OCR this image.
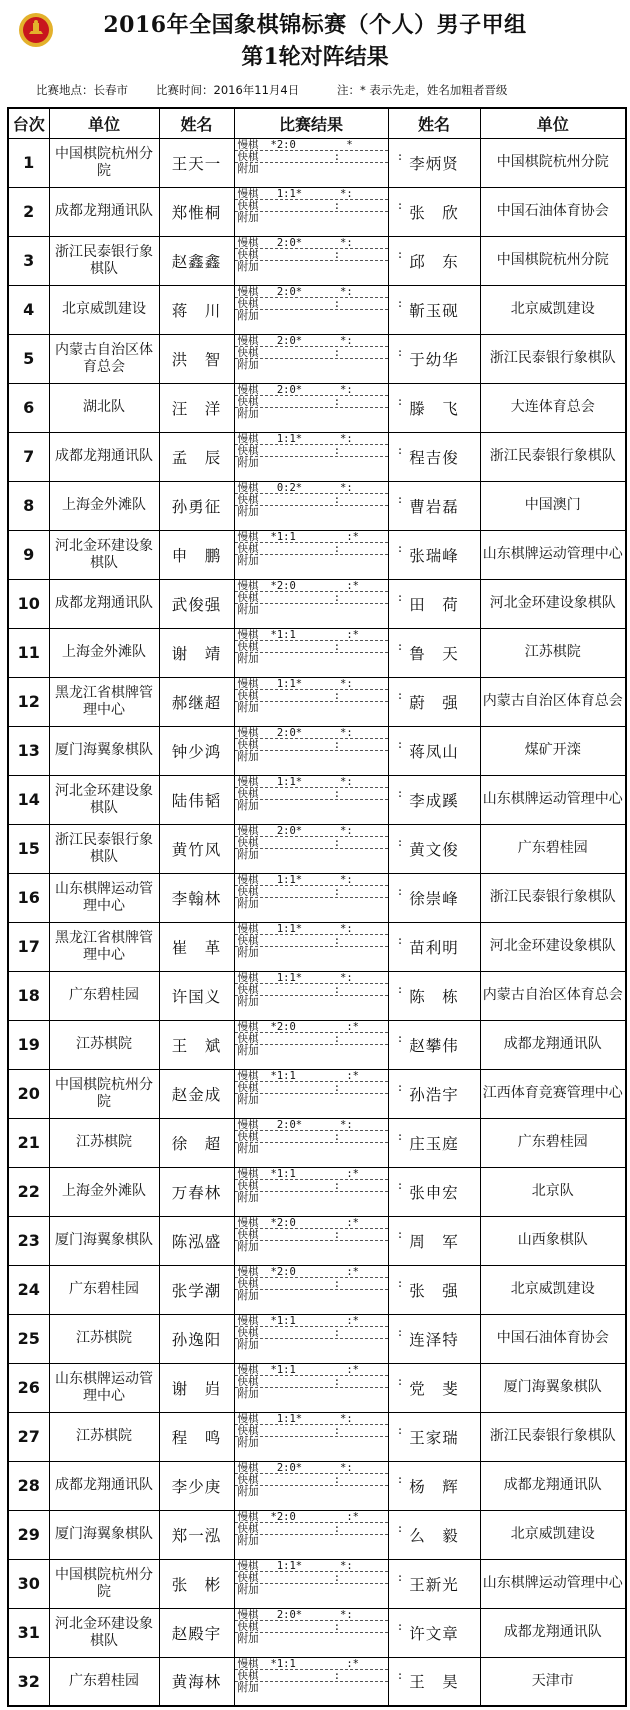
2016年全国象棋锦标赛（个人）男子甲组
第1轮对阵结果
比赛地点：长春市 比赛时间：2016年11月4日	注：* 表示先走，姓名加粗者晋级
台次	单位	姓名	比赛结果	姓名	单位
1	中国棋院杭州分院	王天一	慢棋 *2:0        *
快棋 :         :
附加	李炳贤	中国棋院杭州分院
2	成都龙翔通讯队	郑惟桐	慢棋 1:1*      *:
快棋 :         :
附加	张　欣	中国石油体育协会
3	浙江民泰银行象棋队	赵鑫鑫	慢棋 2:0*      *:
快棋 :         :
附加	邱　东	中国棋院杭州分院
4	北京威凯建设	蒋　川	慢棋 2:0*      *:
快棋 :         :
附加	靳玉砚	北京威凯建设
5	内蒙古自治区体育总会	洪　智	慢棋 2:0*      *:
快棋 :         :
附加	于幼华	浙江民泰银行象棋队
6	湖北队	汪　洋	慢棋 2:0*      *:
快棋 :         :
附加	滕　飞	大连体育总会
7	成都龙翔通讯队	孟　辰	慢棋 1:1*      *:
快棋 :         :
附加	程吉俊	浙江民泰银行象棋队
8	上海金外滩队	孙勇征	慢棋 0:2*      *:
快棋 :         :
附加	曹岩磊	中国澳门
9	河北金环建设象棋队	申　鹏	慢棋 *1:1        :*
快棋 :         :
附加	张瑞峰	山东棋牌运动管理中心
10	成都龙翔通讯队	武俊强	慢棋 *2:0        :*
快棋 :         :
附加	田　荷	河北金环建设象棋队
11	上海金外滩队	谢　靖	慢棋 *1:1        :*
快棋 :         :
附加	鲁　天	江苏棋院
12	黑龙江省棋牌管理中心	郝继超	慢棋 1:1*      *:
快棋 :         :
附加	蔚　强	内蒙古自治区体育总会
13	厦门海翼象棋队	钟少鸿	慢棋 2:0*      *:
快棋 :         :
附加	蒋凤山	煤矿开滦
14	河北金环建设象棋队	陆伟韬	慢棋 1:1*      *:
快棋 :         :
附加	李成蹊	山东棋牌运动管理中心
15	浙江民泰银行象棋队	黄竹风	慢棋 2:0*      *:
快棋 :         :
附加	黄文俊	广东碧桂园
16	山东棋牌运动管理中心	李翰林	慢棋 1:1*      *:
快棋 :         :
附加	徐崇峰	浙江民泰银行象棋队
17	黑龙江省棋牌管理中心	崔　革	慢棋 1:1*      *:
快棋 :         :
附加	苗利明	河北金环建设象棋队
18	广东碧桂园	许国义	慢棋 1:1*      *:
快棋 :         :
附加	陈　栋	内蒙古自治区体育总会
19	江苏棋院	王　斌	慢棋 *2:0        :*
快棋 :         :
附加	赵攀伟	成都龙翔通讯队
20	中国棋院杭州分院	赵金成	慢棋 *1:1        :*
快棋 :         :
附加	孙浩宇	江西体育竞赛管理中心
21	江苏棋院	徐　超	慢棋 2:0*      *:
快棋 :         :
附加	庄玉庭	广东碧桂园
22	上海金外滩队	万春林	慢棋 *1:1        :*
快棋 :         :
附加	张申宏	北京队
23	厦门海翼象棋队	陈泓盛	慢棋 *2:0        :*
快棋 :         :
附加	周　军	山西象棋队
24	广东碧桂园	张学潮	慢棋 *2:0        :*
快棋 :         :
附加	张　强	北京威凯建设
25	江苏棋院	孙逸阳	慢棋 *1:1        :*
快棋 :         :
附加	连泽特	中国石油体育协会
26	山东棋牌运动管理中心	谢　岿	慢棋 *1:1        :*
快棋 :         :
附加	党　斐	厦门海翼象棋队
27	江苏棋院	程　鸣	慢棋 1:1*      *:
快棋 :         :
附加	王家瑞	浙江民泰银行象棋队
28	成都龙翔通讯队	李少庚	慢棋 2:0*      *:
快棋 :         :
附加	杨　辉	成都龙翔通讯队
29	厦门海翼象棋队	郑一泓	慢棋 *2:0        :*
快棋 :         :
附加	么　毅	北京威凯建设
30	中国棋院杭州分院	张　彬	慢棋 1:1*      *:
快棋 :         :
附加	王新光	山东棋牌运动管理中心
31	河北金环建设象棋队	赵殿宇	慢棋 2:0*      *:
快棋 :         :
附加	许文章	成都龙翔通讯队
32	广东碧桂园	黄海林	慢棋 *1:1        :*
快棋 :         :
附加	王　昊	天津市
